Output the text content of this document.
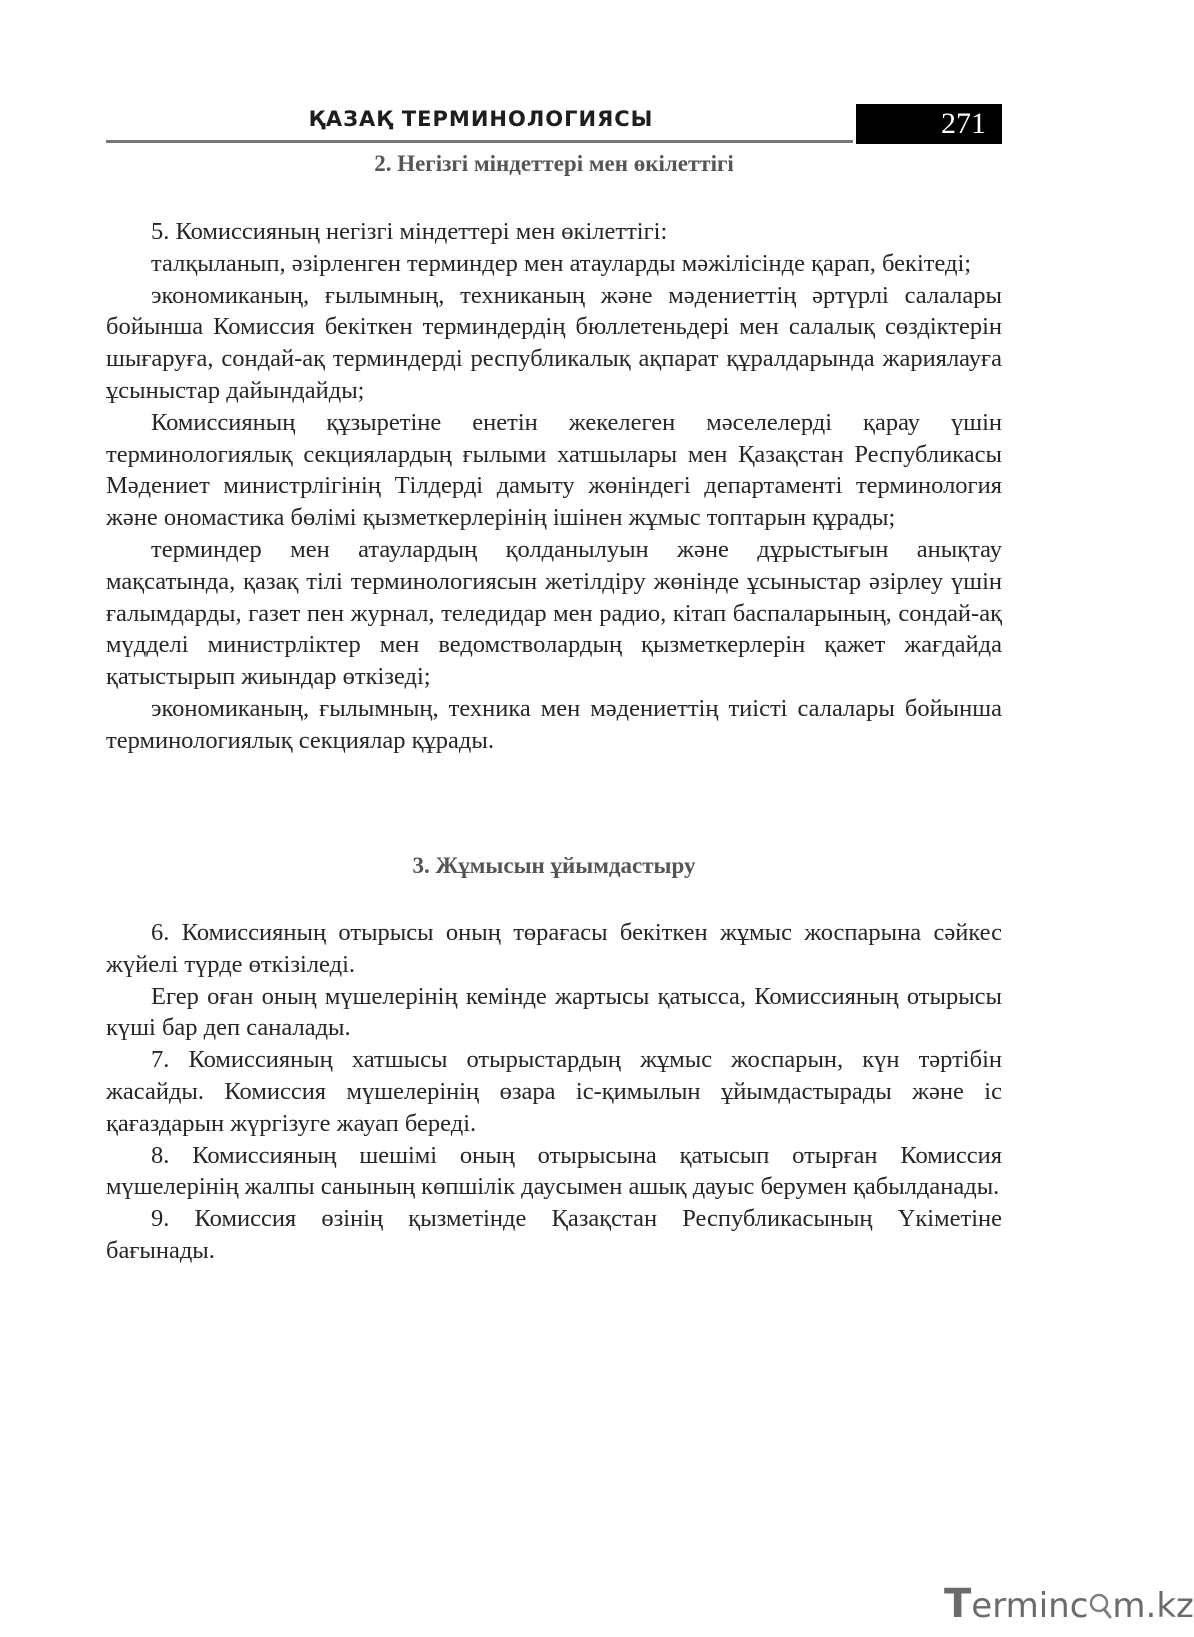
ҚАЗАҚ ТЕРМИНОЛОГИЯСЫ	271
2. Негізгі міндеттері мен өкілеттігі

5. Комиссияның негізгі міндеттері мен өкілеттігі:

талқыланып, әзірленген терминдер мен атауларды мәжілісінде қарап, бекітеді;

экономиканың, ғылымның, техниканың және мәдениеттің әртүрлі салалары бойынша Комиссия бекіткен терминдердің бюллетеньдері мен салалық сөздіктерін шығаруға, сондай-ақ терминдерді республикалық ақпарат құралдарында жариялауға ұсыныстар дайындайды;

Комиссияның құзыретіне енетін жекелеген мәселелерді қарау үшін терминологиялық секциялардың ғылыми хатшылары мен Қазақстан Республикасы Мәдениет министрлігінің Тілдерді дамыту жөніндегі департаменті терминология және ономастика бөлімі қызметкерлерінің ішінен жұмыс топтарын құрады;

терминдер мен атаулардың қолданылуын және дұрыстығын анықтау мақсатында, қазақ тілі терминологиясын жетілдіру жөнінде ұсыныстар әзірлеу үшін ғалымдарды, газет пен журнал, теледидар мен радио, кітап баспаларының, сондай-ақ мүдделі министрліктер мен ведомстволардың қызметкерлерін қажет жағдайда қатыстырып жиындар өткізеді;

экономиканың, ғылымның, техника мен мәдениеттің тиісті салалары бойынша терминологиялық секциялар құрады.

3. Жұмысын ұйымдастыру

6. Комиссияның отырысы оның төрағасы бекіткен жұмыс жоспарына сәйкес жүйелі түрде өткізіледі.

Егер оған оның мүшелерінің кемінде жартысы қатысса, Комиссияның отырысы күші бар деп саналады.

7. Комиссияның хатшысы отырыстардың жұмыс жоспарын, күн тәртібін жасайды. Комиссия мүшелерінің өзара іс-қимылын ұйымдастырады және іс қағаздарын жүргізуге жауап береді.

8. Комиссияның шешімі оның отырысына қатысып отырған Комиссия мүшелерінің жалпы санының көпшілік даусымен ашық дауыс берумен қабылданады.

9. Комиссия өзінің қызметінде Қазақстан Республикасының Үкіметіне бағынады.

Terminc m.kz
